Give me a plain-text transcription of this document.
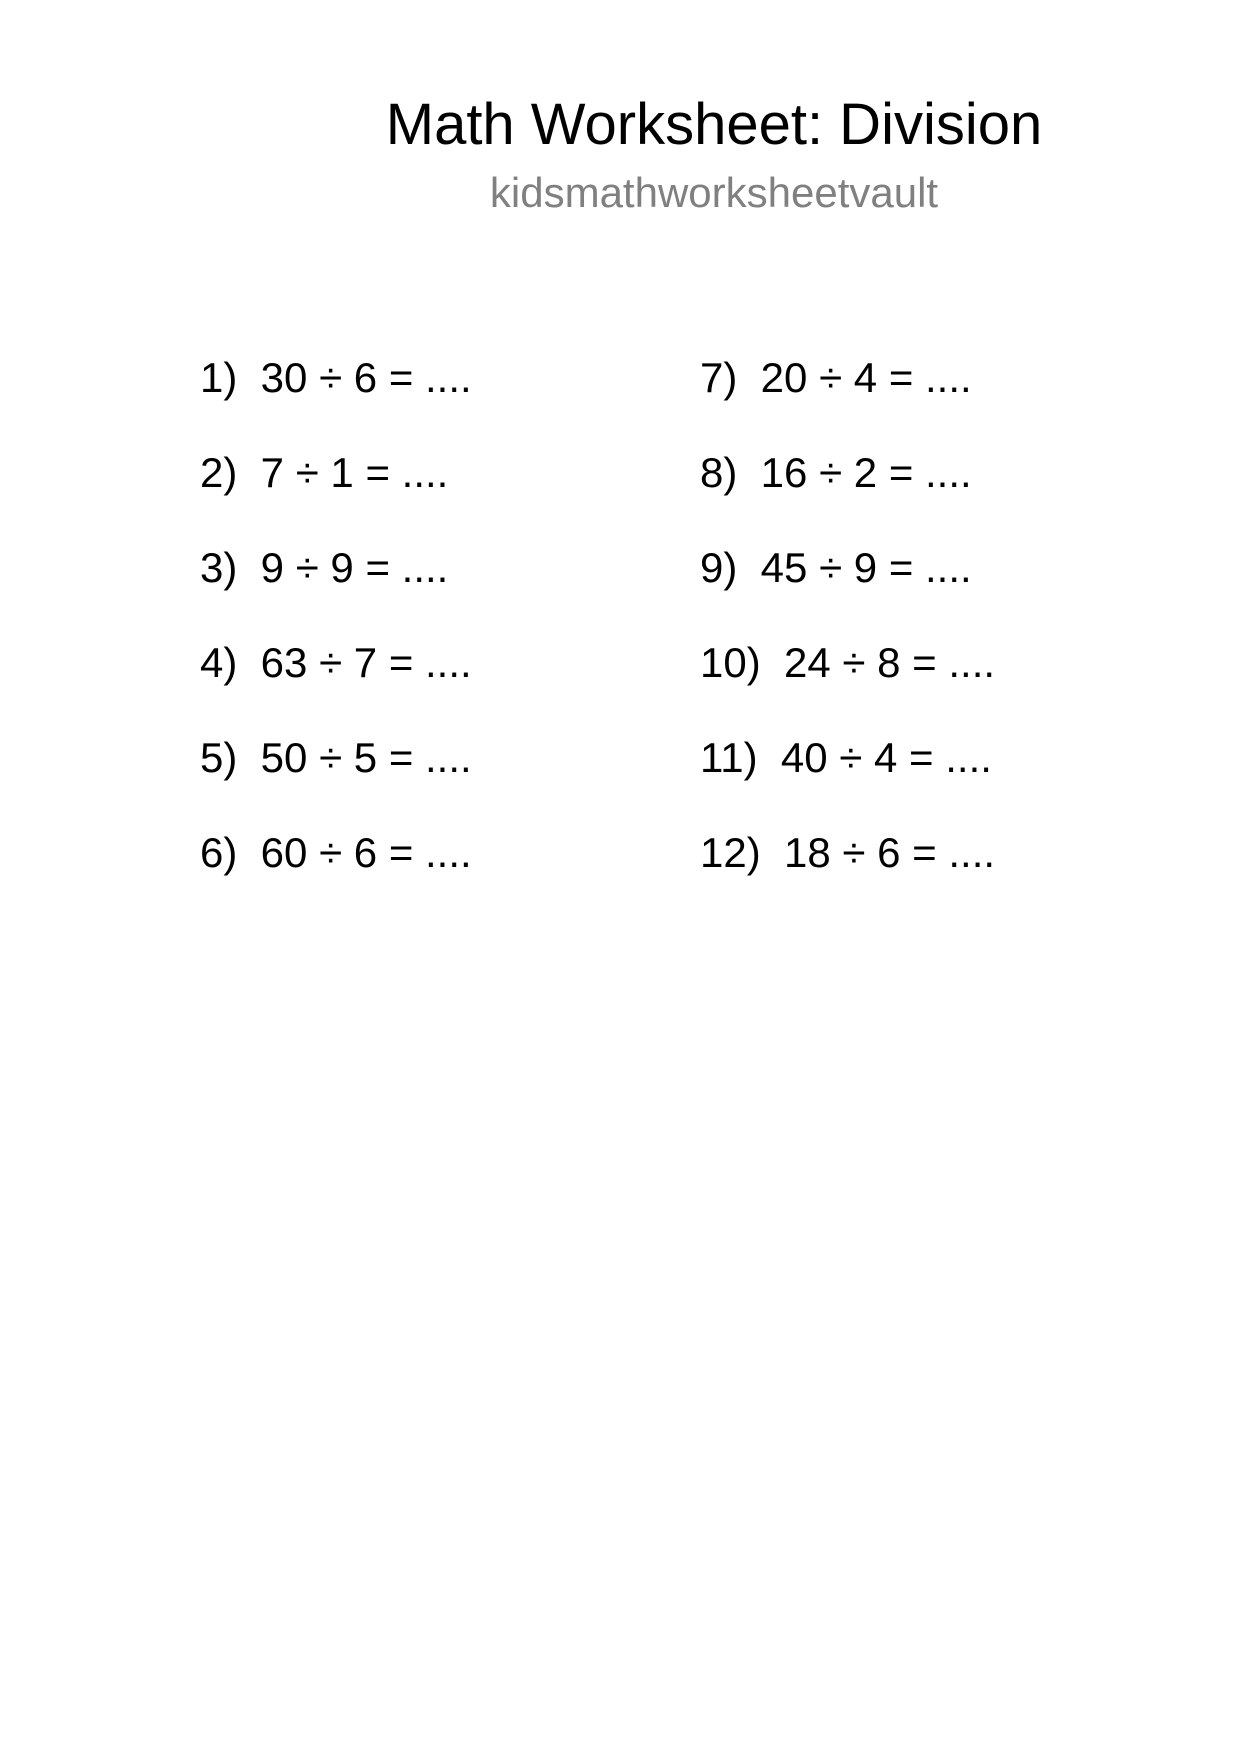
Math Worksheet: Division
kidsmathworksheetvault
1)  30 ÷ 6 = ....
2)  7 ÷ 1 = ....
3)  9 ÷ 9 = ....
4)  63 ÷ 7 = ....
5)  50 ÷ 5 = ....
6)  60 ÷ 6 = ....
7)  20 ÷ 4 = ....
8)  16 ÷ 2 = ....
9)  45 ÷ 9 = ....
10)  24 ÷ 8 = ....
11)  40 ÷ 4 = ....
12)  18 ÷ 6 = ....
